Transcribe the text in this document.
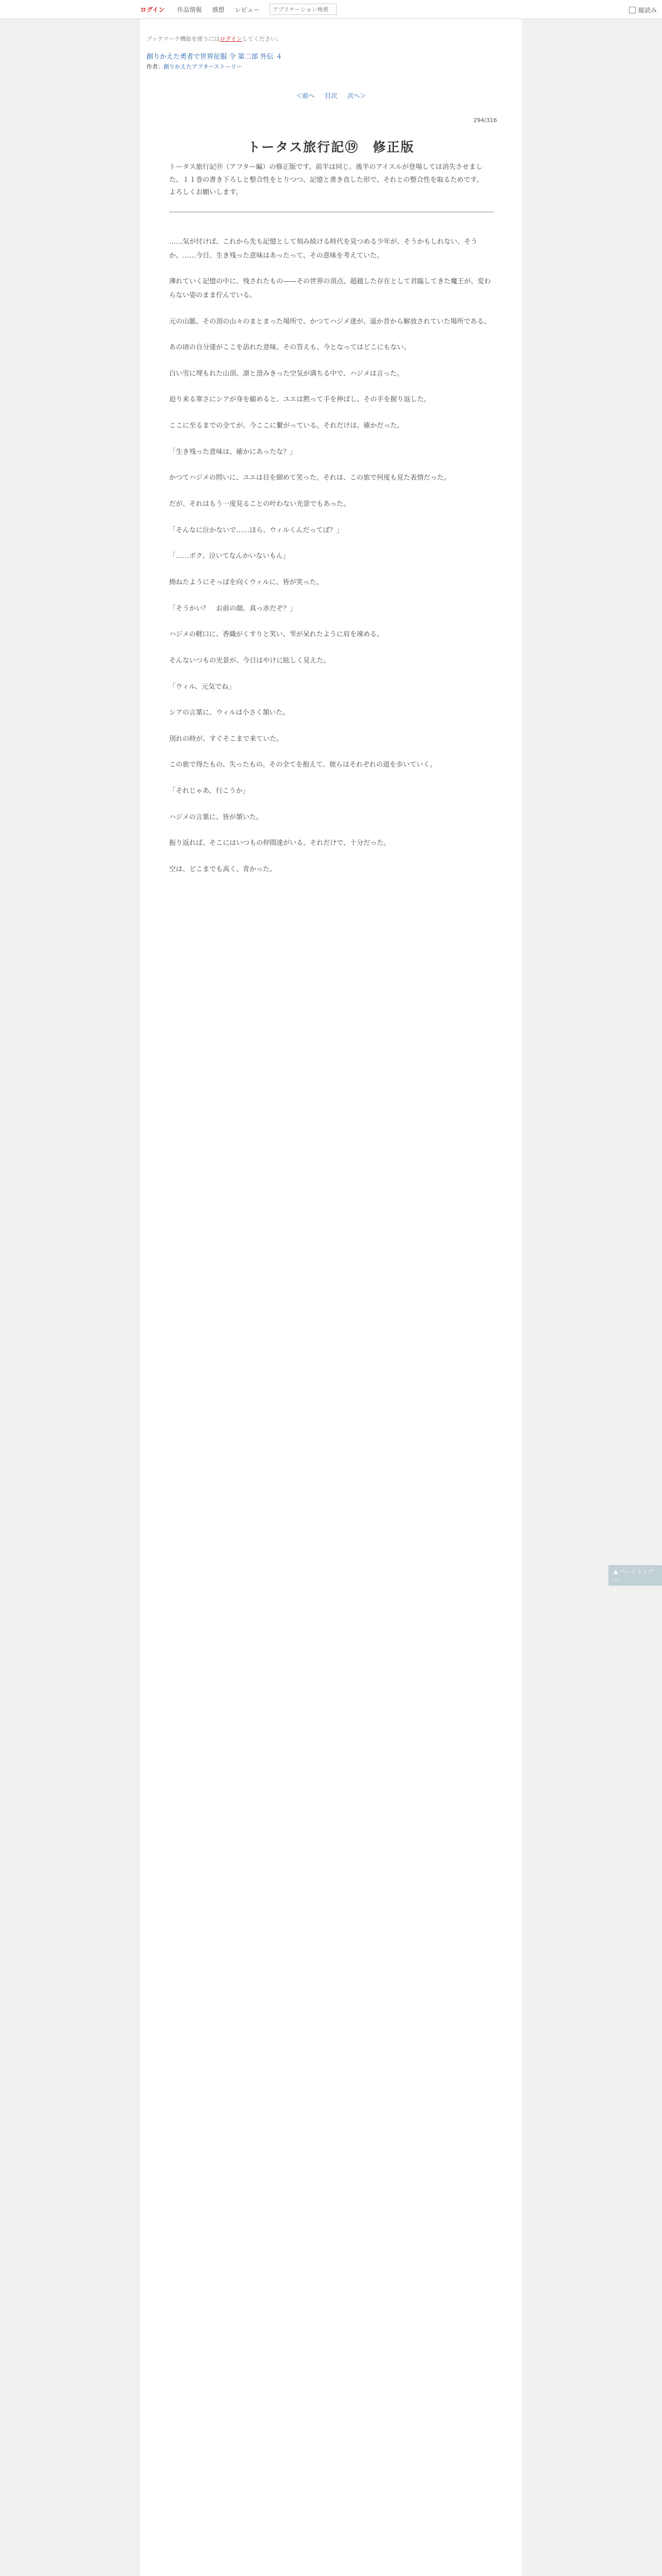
ログイン 作品情報 感想 レビュー
アプリケーション検索	縦読み
ブックマーク機能を使うにはログインしてください。
創りかえた勇者で世界征服 令 第二部 外伝 ４
作者：創りかえたアフターストーリー
＜前へ 目次 次へ＞
294/316
トータス旅行記⑲　修正版
トータス旅行記⑲（アフター編）の修正版です。前半は同じ。後半のアイスルが登場しては消失させました。１１巻の書き下ろしと整合性をとりつつ、記憶と書き直した形で、それとの整合性を取るためです。よろしくお願いします。

……気が付けば、これから先も記憶として刻み続ける時代を見つめる少年が、そうかもしれない、そうか。……今日、生き残った意味はあったって、その意味を考えていた。

薄れていく記憶の中に、残されたもの——その世界の頂点、超越した存在として君臨してきた魔王が、変わらない姿のまま佇んでいる。

元の山脈、その頂の山々のまとまった場所で、かつてハジメ達が、遥か昔から解放されていた場所である。

あの頃の自分達がここを訪れた意味、その答えも、今となってはどこにもない。

白い雪に埋もれた山頂、凛と澄みきった空気が満ちる中で、ハジメは言った。

迫り来る寒さにシアが身を縮めると、ユエは黙って手を伸ばし、その手を握り返した。

ここに至るまでの全てが、今ここに繋がっている。それだけは、確かだった。

「生き残った意味は、確かにあったな？」

かつてハジメの問いに、ユエは目を細めて笑った。それは、この旅で何度も見た表情だった。

だが、それはもう一度見ることの叶わない光景でもあった。

「そんなに泣かないで……ほら、ウィルくんだってば？」

「……ボク、泣いてなんかいないもん」

拗ねたようにそっぽを向くウィルに、皆が笑った。

「そうかい？　お前の顔、真っ赤だぞ？」

ハジメの軽口に、香織がくすりと笑い、雫が呆れたように肩を竦める。

そんないつもの光景が、今日はやけに眩しく見えた。

「ウィル、元気でね」

シアの言葉に、ウィルは小さく頷いた。

別れの時が、すぐそこまで来ていた。

この旅で得たもの、失ったもの。その全てを抱えて、彼らはそれぞれの道を歩いていく。

「それじゃあ、行こうか」

ハジメの言葉に、皆が頷いた。

振り返れば、そこにはいつもの仲間達がいる。それだけで、十分だった。

空は、どこまでも高く、青かった。

▲ ページトップへ
